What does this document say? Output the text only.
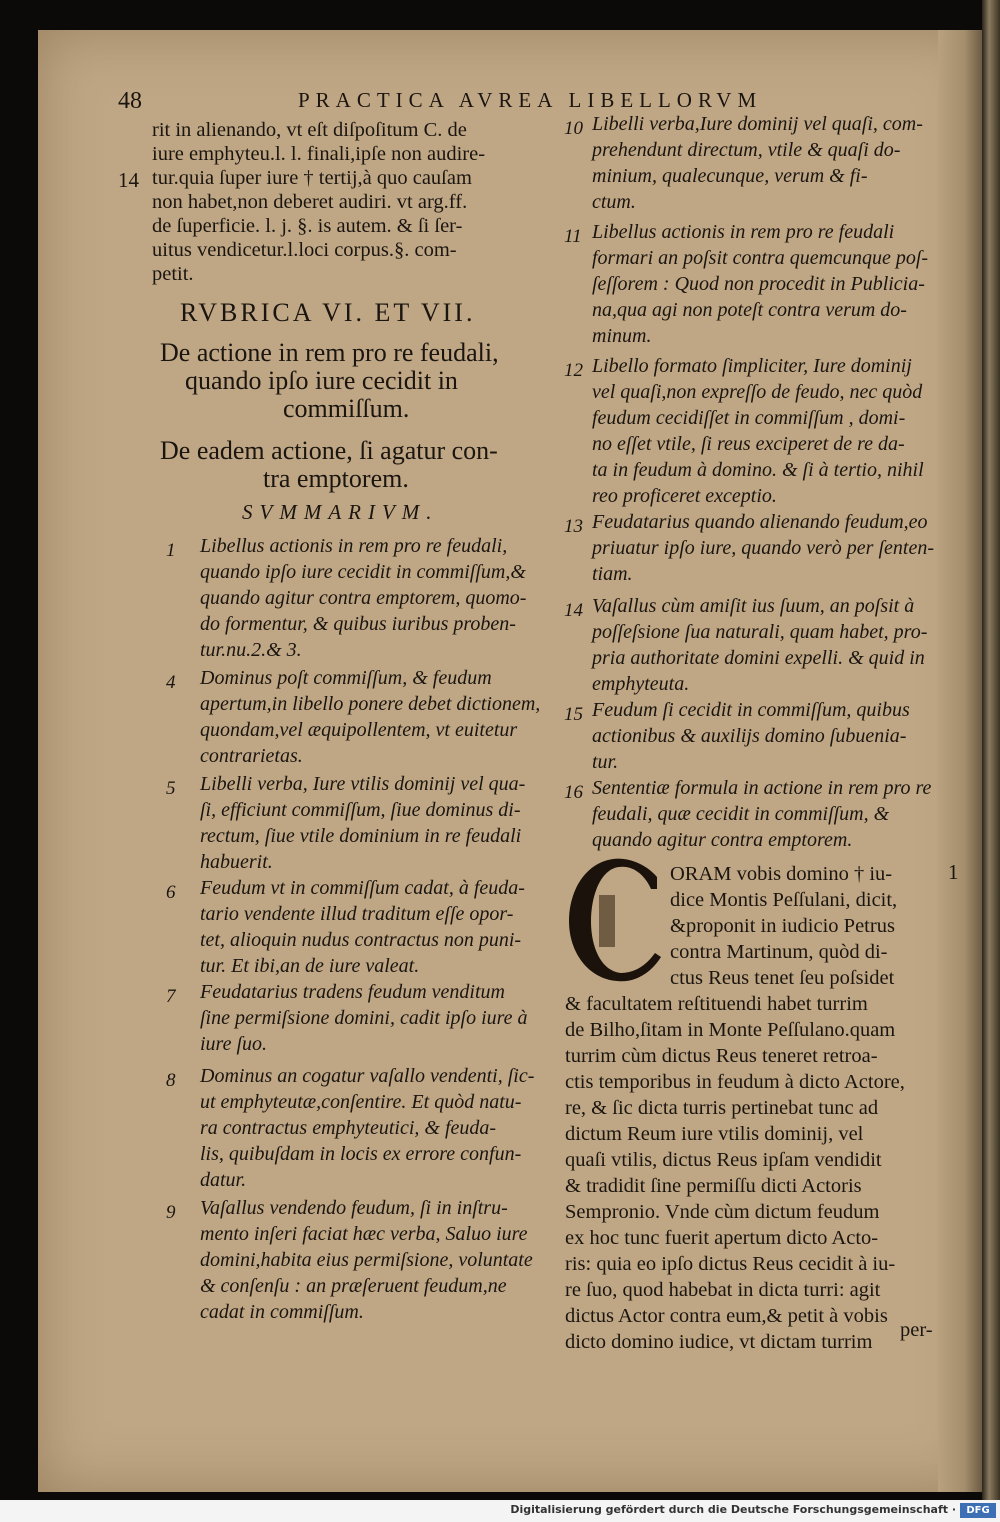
48	PRACTICA AVREA LIBELLORVM
rit in alienando, vt eſt diſpoſitum C. de
iure emphyteu.l. l. finali,ipſe non audire-
tur.quia ſuper iure † tertij,à quo cauſam
non habet,non deberet audiri. vt arg.ff.
de ſuperficie. l. j. §. is autem. & ſi ſer-
uitus vendicetur.l.loci corpus.§. com-
petit.
14
De actione in rem pro re feudali,
quando ipſo iure cecidit in
commiſſum.
De eadem actione, ſi agatur con-
tra emptorem.
1 Libellus actionis in rem pro re feudali,
quando ipſo iure cecidit in commiſſum,&
quando agitur contra emptorem, quomo-
do formentur, & quibus iuribus proben-
tur.nu.2.& 3.
4 Dominus poſt commiſſum, & feudum
apertum,in libello ponere debet dictionem,
quondam,vel æquipollentem, vt euitetur
contrarietas.
5 Libelli verba, Iure vtilis dominij vel qua-
ſi, efficiunt commiſſum, ſiue dominus di-
rectum, ſiue vtile dominium in re feudali
habuerit.
6 Feudum vt in commiſſum cadat, à feuda-
tario vendente illud traditum eſſe opor-
tet, alioquin nudus contractus non puni-
tur. Et ibi,an de iure valeat.
7 Feudatarius tradens feudum venditum
ſine permiſsione domini, cadit ipſo iure à
iure ſuo.
8 Dominus an cogatur vaſallo vendenti, ſic-
ut emphyteutæ,conſentire. Et quòd natu-
ra contractus emphyteutici, & feuda-
lis, quibuſdam in locis ex errore confun-
datur.
9 Vaſallus vendendo feudum, ſi in inſtru-
mento inſeri faciat hæc verba, Saluo iure
domini,habita eius permiſsione, voluntate
& conſenſu : an præſeruent feudum,ne
cadat in commiſſum.
10 Libelli verba,Iure dominij vel quaſi, com-
prehendunt directum, vtile & quaſi do-
minium, qualecunque, verum & fi-
ctum.
11 Libellus actionis in rem pro re feudali
formari an poſsit contra quemcunque poſ-
ſeſſorem : Quod non procedit in Publicia-
na,qua agi non poteſt contra verum do-
minum.
12 Libello formato ſimpliciter, Iure dominij
vel quaſi,non expreſſo de feudo, nec quòd
feudum cecidiſſet in commiſſum , domi-
no eſſet vtile, ſi reus exciperet de re da-
ta in feudum à domino. & ſi à tertio, nihil
reo proficeret exceptio.
13 Feudatarius quando alienando feudum,eo
priuatur ipſo iure, quando verò per ſenten-
tiam.
14 Vaſallus cùm amiſit ius ſuum, an poſsit à
poſſeſsione ſua naturali, quam habet, pro-
pria authoritate domini expelli. & quid in
emphyteuta.
15 Feudum ſi cecidit in commiſſum, quibus
actionibus & auxilijs domino ſubuenia-
tur.
16 Sententiæ formula in actione in rem pro re
feudali, quæ cecidit in commiſſum, &
quando agitur contra emptorem.
ORAM vobis domino † iu-
dice Montis Peſſulani, dicit,
&proponit in iudicio Petrus
contra Martinum, quòd di-
ctus Reus tenet ſeu poſsidet
& facultatem reſtituendi habet turrim
de Bilho,ſitam in Monte Peſſulano.quam
turrim cùm dictus Reus teneret retroa-
ctis temporibus in feudum à dicto Actore,
re, & ſic dicta turris pertinebat tunc ad
dictum Reum iure vtilis dominij, vel
quaſi vtilis, dictus Reus ipſam vendidit
& tradidit ſine permiſſu dicti Actoris
Sempronio. Vnde cùm dictum feudum
ex hoc tunc fuerit apertum dicto Acto-
ris: quia eo ipſo dictus Reus cecidit à iu-
re ſuo, quod habebat in dicta turri: agit
dictus Actor contra eum,& petit à vobis
dicto domino iudice, vt dictam turrim
1
per-
RVBRICA VI. ET VII.
SVMMARIVM.
Digitalisierung gefördert durch die Deutsche Forschungsgemeinschaft ·	DFG
